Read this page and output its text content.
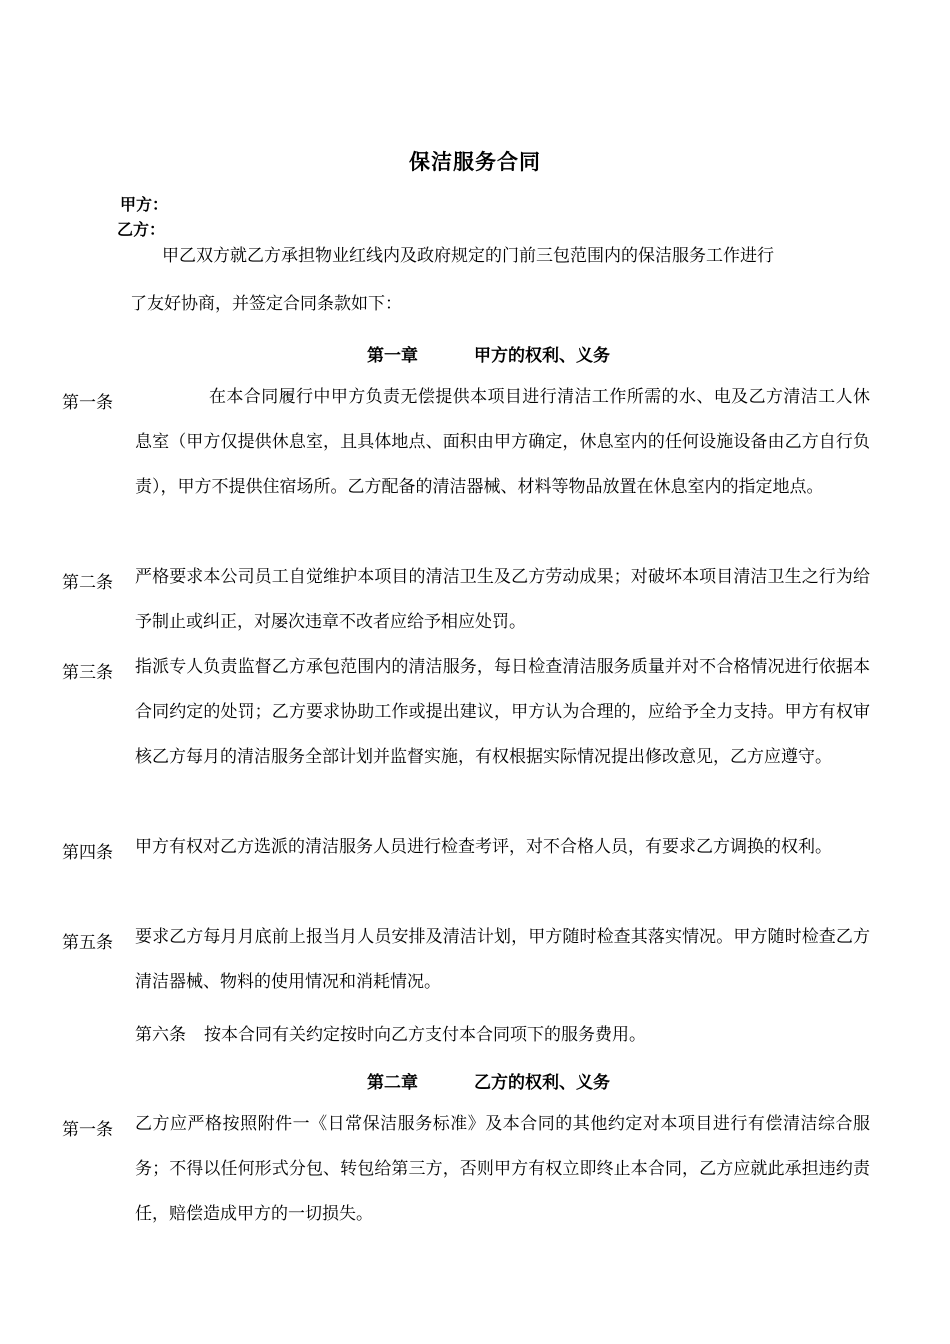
保洁服务合同
甲方：
乙方：
甲乙双方就乙方承担物业红线内及政府规定的门前三包范围内的保洁服务工作进行
了友好协商，并签定合同条款如下：
第一章	甲方的权利、义务
第一条	在本合同履行中甲方负责无偿提供本项目进行清洁工作所需的水、电及乙方清洁工人休息室（甲方仅提供休息室，且具体地点、面积由甲方确定，休息室内的任何设施设备由乙方自行负责），甲方不提供住宿场所。乙方配备的清洁器械、材料等物品放置在休息室内的指定地点。
第二条 严格要求本公司员工自觉维护本项目的清洁卫生及乙方劳动成果；对破坏本项目清洁卫生之行为给予制止或纠正，对屡次违章不改者应给予相应处罚。
第三条 指派专人负责监督乙方承包范围内的清洁服务，每日检查清洁服务质量并对不合格情况进行依据本合同约定的处罚；乙方要求协助工作或提出建议，甲方认为合理的，应给予全力支持。甲方有权审核乙方每月的清洁服务全部计划并监督实施，有权根据实际情况提出修改意见，乙方应遵守。
第四条 甲方有权对乙方选派的清洁服务人员进行检查考评，对不合格人员，有要求乙方调换的权利。
第五条 要求乙方每月月底前上报当月人员安排及清洁计划，甲方随时检查其落实情况。甲方随时检查乙方清洁器械、物料的使用情况和消耗情况。
第六条 按本合同有关约定按时向乙方支付本合同项下的服务费用。
第二章	乙方的权利、义务
第一条 乙方应严格按照附件一《日常保洁服务标准》及本合同的其他约定对本项目进行有偿清洁综合服务；不得以任何形式分包、转包给第三方，否则甲方有权立即终止本合同，乙方应就此承担违约责任，赔偿造成甲方的一切损失。
